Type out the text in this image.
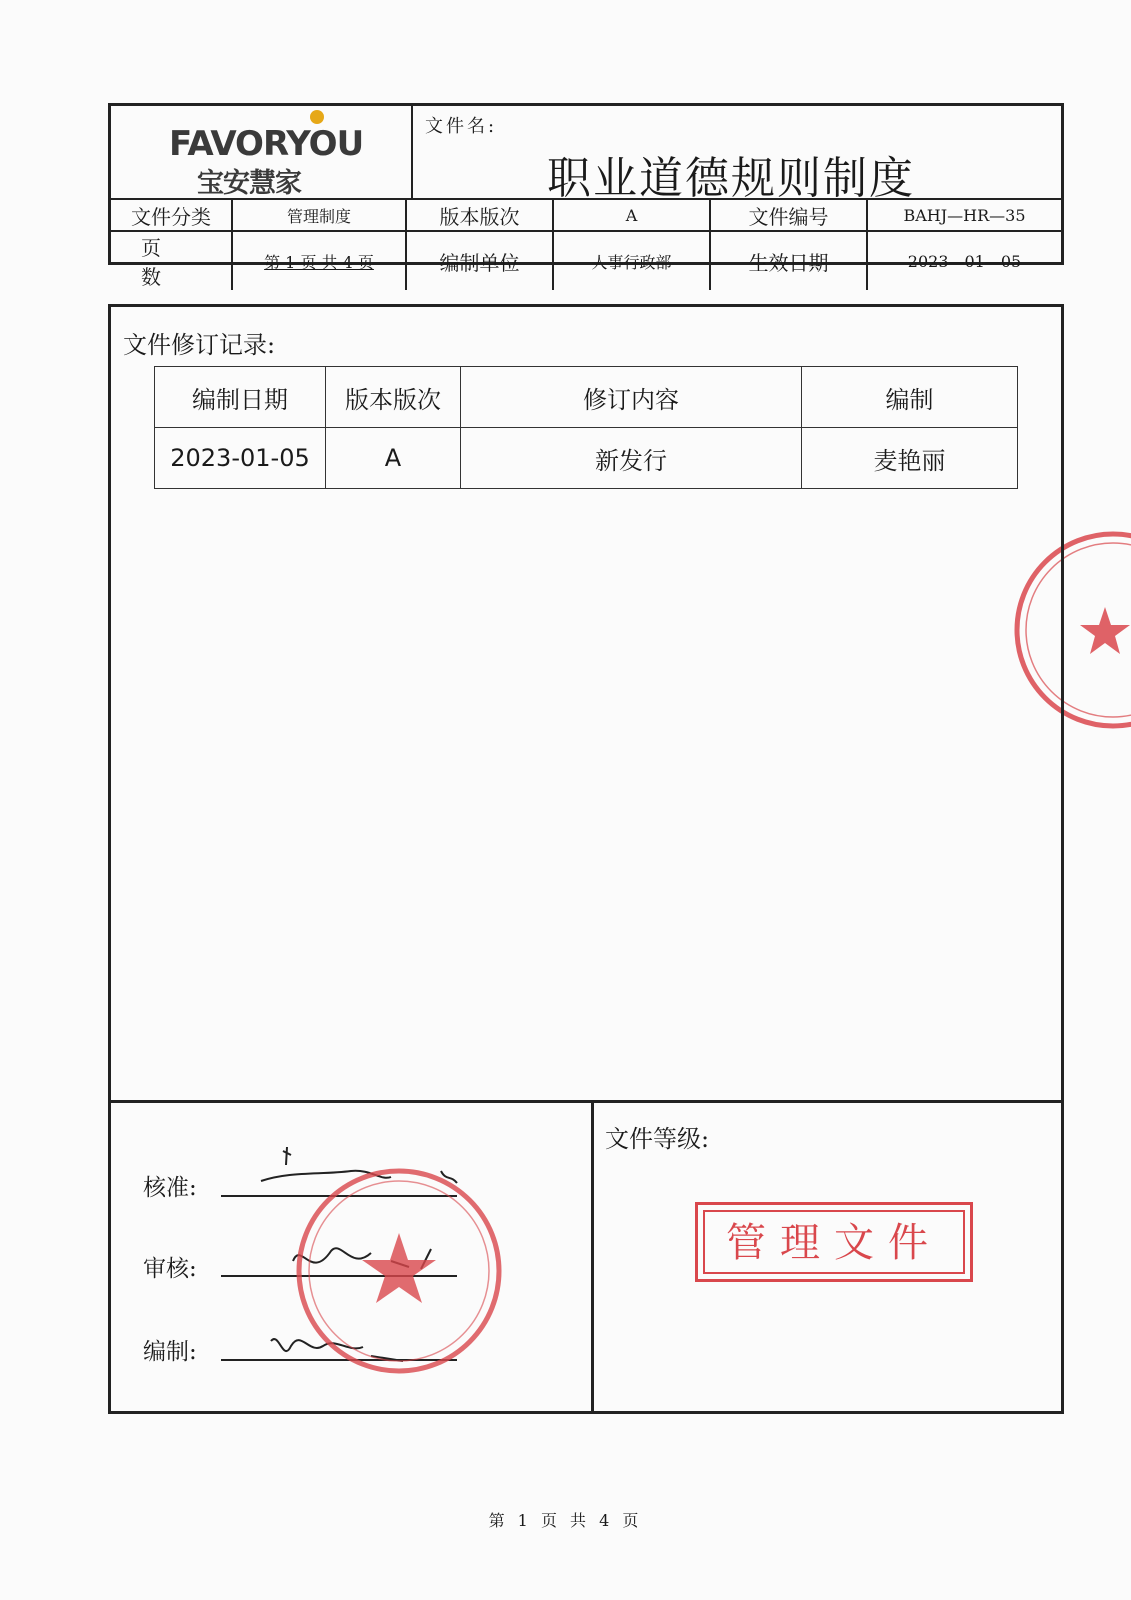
FAVORYOU
宝安慧家
文件名:
职业道德规则制度
文件分类	管理制度	版本版次	A	文件编号	BAHJ—HR—35
页 数	第 1 页 共 4 页	编制单位	人事行政部	生效日期	2023—01—05
文件修订记录:
编制日期	版本版次	修订内容	编制
2023-01-05	A	新发行	麦艳丽
核准:
审核:
编制:
文件等级:
管理文件
第 1 页 共 4 页
